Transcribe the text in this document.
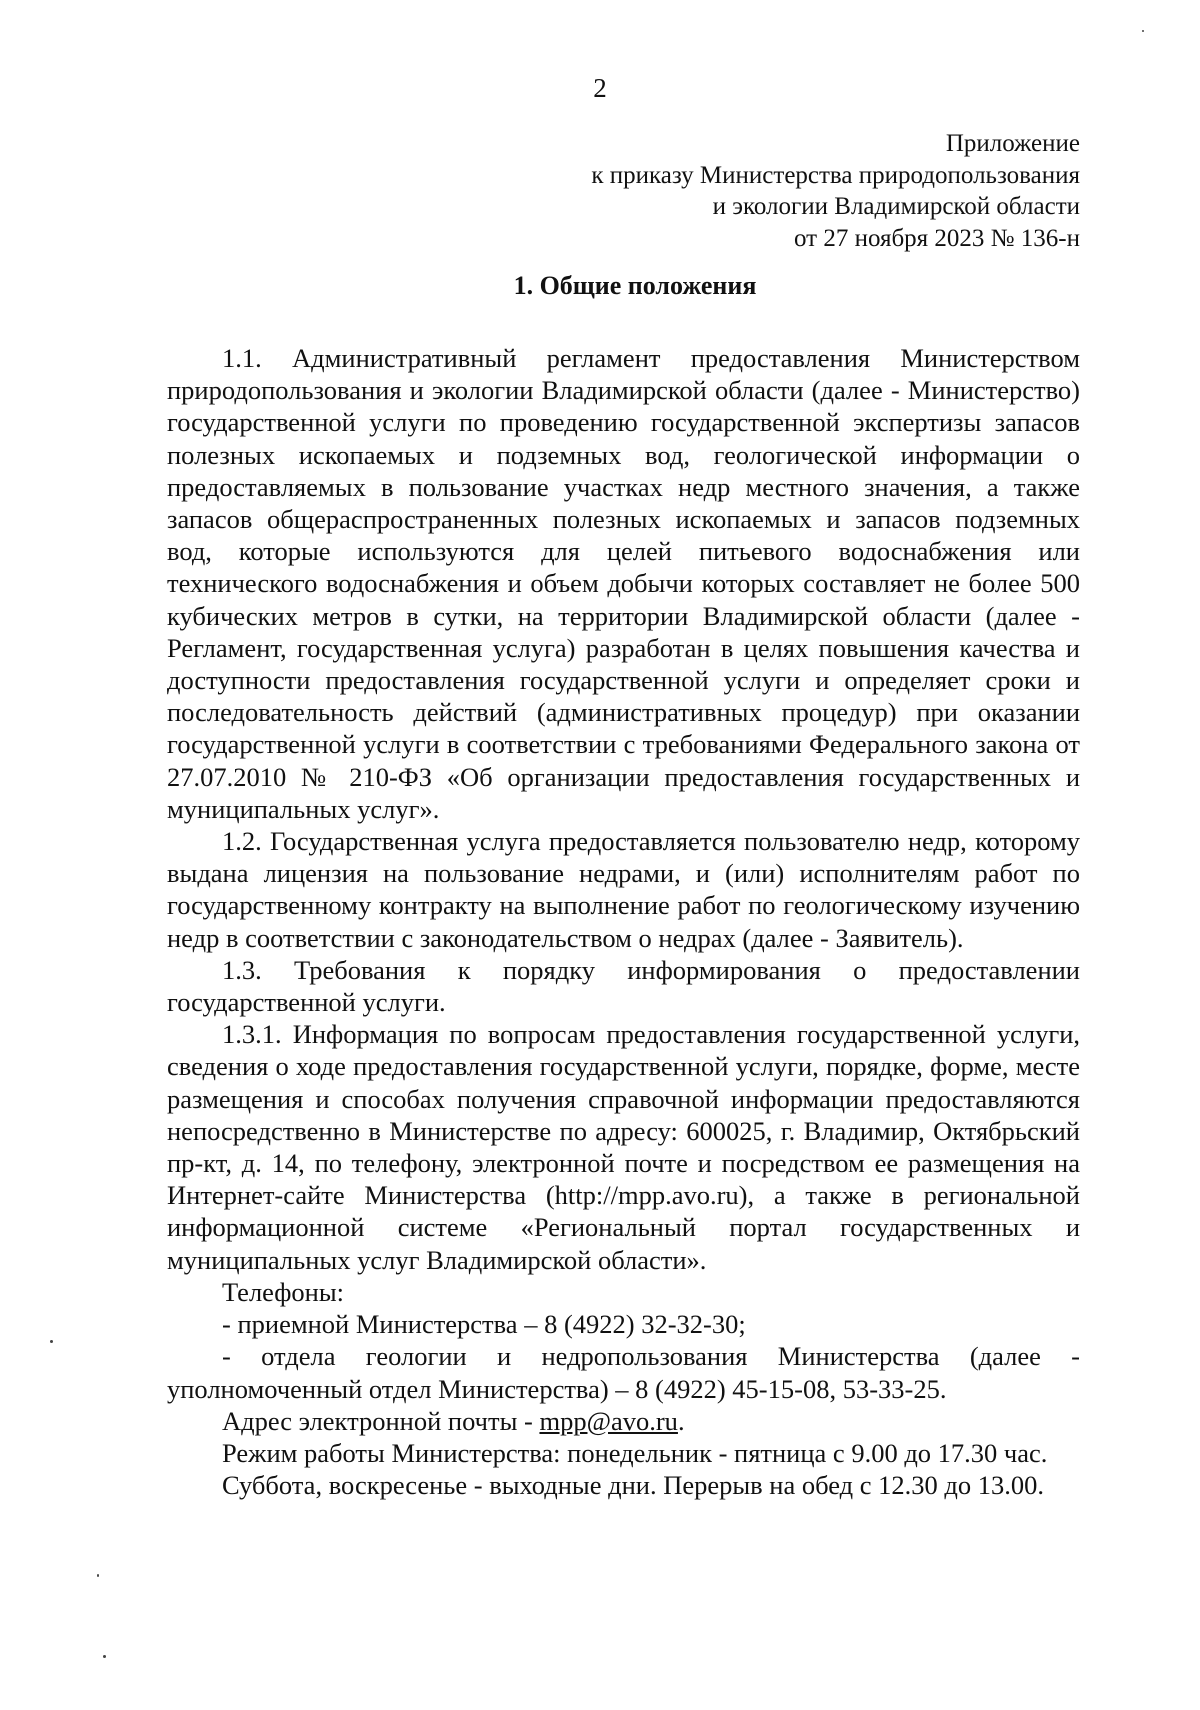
2
Приложение
к приказу Министерства природопользования
и экологии Владимирской области
от 27 ноября 2023 № 136-н
1. Общие положения

1.1. Административный регламент предоставления Министерством природопользования и экологии Владимирской области (далее - Министерство) государственной услуги по проведению государственной экспертизы запасов полезных ископаемых и подземных вод, геологической информации о предоставляемых в пользование участках недр местного значения, а также запасов общераспространенных полезных ископаемых и запасов подземных вод, которые используются для целей питьевого водоснабжения или технического водоснабжения и объем добычи которых составляет не более 500 кубических метров в сутки, на территории Владимирской области (далее - Регламент, государственная услуга) разработан в целях повышения качества и доступности предоставления государственной услуги и определяет сроки и последовательность действий (административных процедур) при оказании государственной услуги в соответствии с требованиями Федерального закона от 27.07.2010 № 210-ФЗ «Об организации предоставления государственных и муниципальных услуг».

1.2. Государственная услуга предоставляется пользователю недр, которому выдана лицензия на пользование недрами, и (или) исполнителям работ по государственному контракту на выполнение работ по геологическому изучению недр в соответствии с законодательством о недрах (далее - Заявитель).

1.3. Требования к порядку информирования о предоставлении государственной услуги.

1.3.1. Информация по вопросам предоставления государственной услуги, сведения о ходе предоставления государственной услуги, порядке, форме, месте размещения и способах получения справочной информации предоставляются непосредственно в Министерстве по адресу: 600025, г. Владимир, Октябрьский пр-кт, д. 14, по телефону, электронной почте и посредством ее размещения на Интернет-сайте Министерства (http://mpp.avo.ru), а также в региональной информационной системе «Региональный портал государственных и муниципальных услуг Владимирской области».

Телефоны:

- приемной Министерства – 8 (4922) 32-32-30;

- отдела геологии и недропользования Министерства (далее - уполномоченный отдел Министерства) – 8 (4922) 45-15-08, 53-33-25.

Адрес электронной почты - mpp@avo.ru.

Режим работы Министерства: понедельник - пятница с 9.00 до 17.30 час.

Суббота, воскресенье - выходные дни. Перерыв на обед с 12.30 до 13.00.
